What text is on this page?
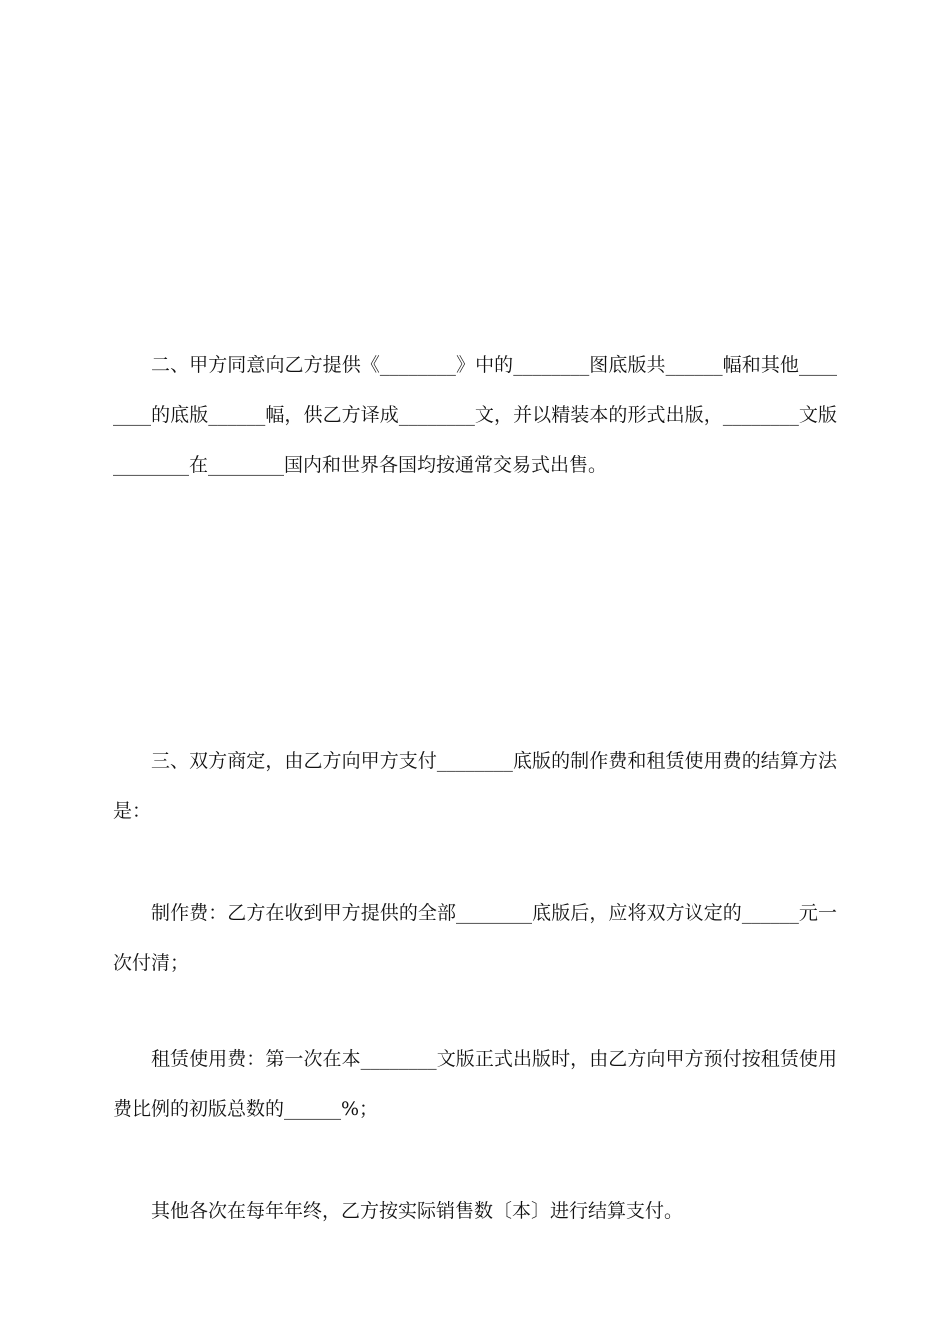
二、甲方同意向乙方提供《________》中的________图底版共______幅和其他________的底版______幅，供乙方译成________文，并以精装本的形式出版，________文版________在________国内和世界各国均按通常交易式出售。

三、双方商定，由乙方向甲方支付________底版的制作费和租赁使用费的结算方法是：

制作费：乙方在收到甲方提供的全部________底版后，应将双方议定的______元一次付清；

租赁使用费：第一次在本________文版正式出版时，由乙方向甲方预付按租赁使用费比例的初版总数的______%；

其他各次在每年年终，乙方按实际销售数〔本〕进行结算支付。
